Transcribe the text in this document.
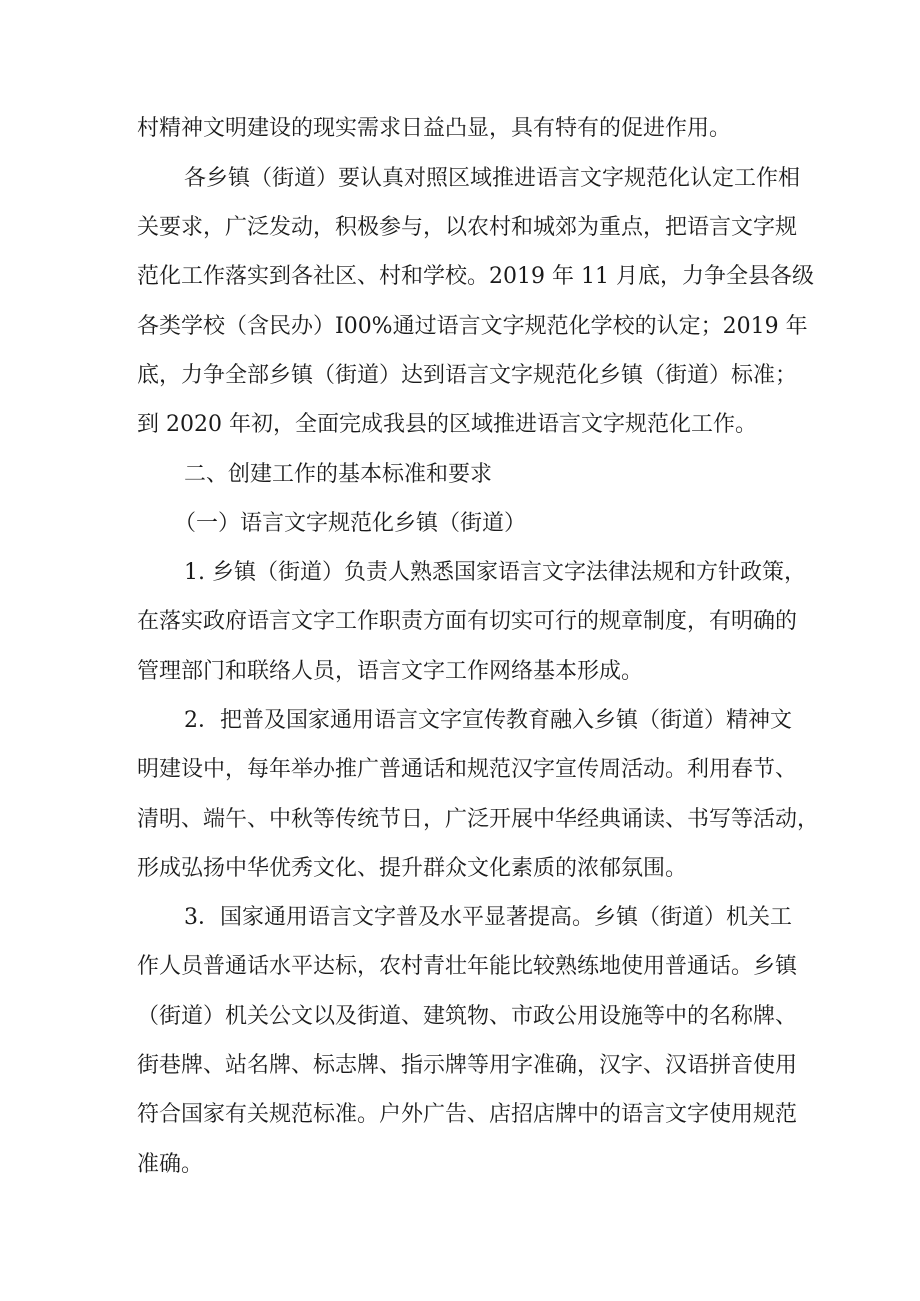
村精神文明建设的现实需求日益凸显，具有特有的促进作用。
各乡镇（街道）要认真对照区域推进语言文字规范化认定工作相
关要求，广泛发动，积极参与，以农村和城郊为重点，把语言文字规
范化工作落实到各社区、村和学校。2019 年 11 月底，力争全县各级
各类学校（含民办）I00%通过语言文字规范化学校的认定；2019 年
底，力争全部乡镇（街道）达到语言文字规范化乡镇（街道）标准；
到 2020 年初，全面完成我县的区域推进语言文字规范化工作。
二、创建工作的基本标准和要求
（一）语言文字规范化乡镇（街道）
1. 乡镇（街道）负责人熟悉国家语言文字法律法规和方针政策，
在落实政府语言文字工作职责方面有切实可行的规章制度，有明确的
管理部门和联络人员，语言文字工作网络基本形成。
2．把普及国家通用语言文字宣传教育融入乡镇（街道）精神文
明建设中，每年举办推广普通话和规范汉字宣传周活动。利用春节、
清明、端午、中秋等传统节日，广泛开展中华经典诵读、书写等活动，
形成弘扬中华优秀文化、提升群众文化素质的浓郁氛围。
3．国家通用语言文字普及水平显著提高。乡镇（街道）机关工
作人员普通话水平达标，农村青壮年能比较熟练地使用普通话。乡镇
（街道）机关公文以及街道、建筑物、市政公用设施等中的名称牌、
街巷牌、站名牌、标志牌、指示牌等用字准确，汉字、汉语拼音使用
符合国家有关规范标准。户外广告、店招店牌中的语言文字使用规范
准确。
